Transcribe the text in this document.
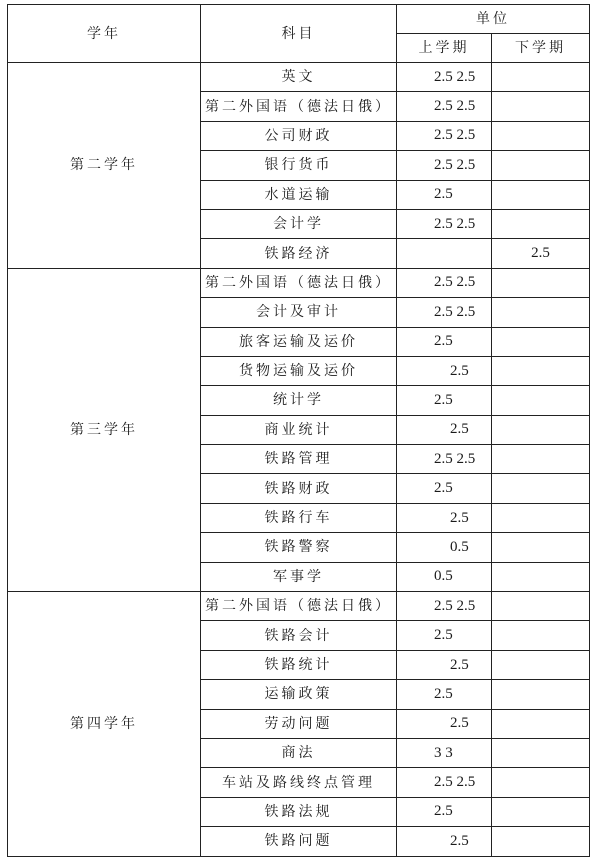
学年	科目	单位	
		上学期	下学期
第二学年	英文	2.5 2.5	
	第二外国语（德法日俄）	2.5 2.5	
	公司财政	2.5 2.5	
	银行货币	2.5 2.5	
	水道运输	2.5	
	会计学	2.5 2.5	
	铁路经济		2.5
第三学年	第二外国语（德法日俄）	2.5 2.5	
	会计及审计	2.5 2.5	
	旅客运输及运价	2.5	
	货物运输及运价	2.5	
	统计学	2.5	
	商业统计	2.5	
	铁路管理	2.5 2.5	
	铁路财政	2.5	
	铁路行车	2.5	
	铁路警察	0.5	
	军事学	0.5	
第四学年	第二外国语（德法日俄）	2.5 2.5	
	铁路会计	2.5	
	铁路统计	2.5	
	运输政策	2.5	
	劳动问题	2.5	
	商法	3 3	
	车站及路线终点管理	2.5 2.5	
	铁路法规	2.5	
	铁路问题	2.5	
